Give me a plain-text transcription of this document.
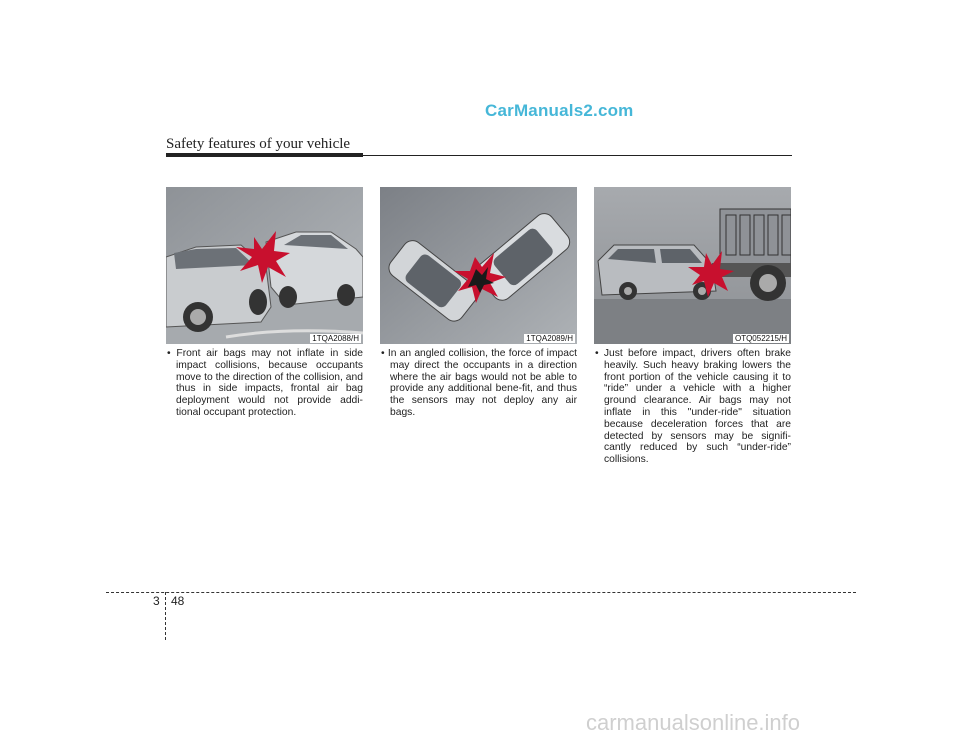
CarManuals2.com
Safety features of your vehicle
1TQA2088/H	1TQA2089/H	OTQ052215/H
• Front air bags may not inflate in side impact collisions, because occupants move to the direction of the collision, and thus in side impacts, frontal air bag deployment would not provide addi-tional occupant protection.
• In an angled collision, the force of impact may direct the occupants in a direction where the air bags would not be able to provide any additional bene-fit, and thus the sensors may not deploy any air bags.
• Just before impact, drivers often brake heavily. Such heavy braking lowers the front portion of the vehicle causing it to “ride” under a vehicle with a higher ground clearance. Air bags may not inflate in this "under-ride" situation because deceleration forces that are detected by sensors may be signifi-cantly reduced by such “under-ride” collisions.
3 48
carmanualsonline.info
